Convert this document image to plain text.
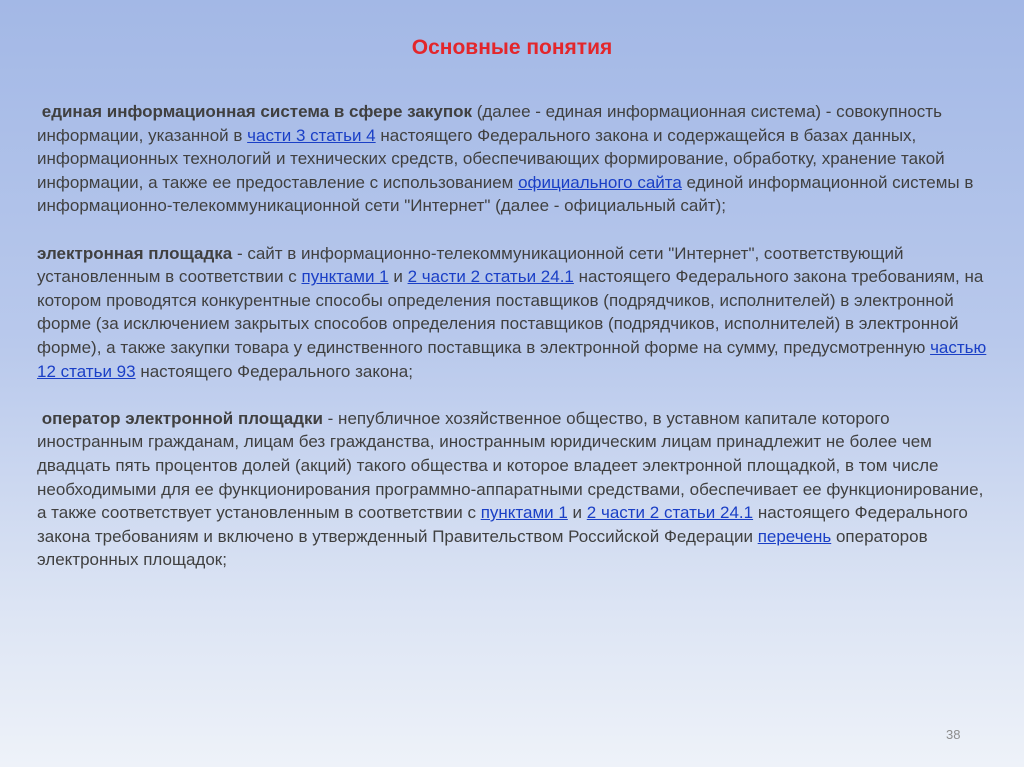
Основные понятия
единая информационная система в сфере закупок (далее - единая информационная система) - совокупность информации, указанной в части 3 статьи 4 настоящего Федерального закона и содержащейся в базах данных, информационных технологий и технических средств, обеспечивающих формирование, обработку, хранение такой информации, а также ее предоставление с использованием официального сайта единой информационной системы в информационно-телекоммуникационной сети "Интернет" (далее - официальный сайт);
электронная площадка - сайт в информационно-телекоммуникационной сети "Интернет", соответствующий установленным в соответствии с пунктами 1 и 2 части 2 статьи 24.1 настоящего Федерального закона требованиям, на котором проводятся конкурентные способы определения поставщиков (подрядчиков, исполнителей) в электронной форме (за исключением закрытых способов определения поставщиков (подрядчиков, исполнителей) в электронной форме), а также закупки товара у единственного поставщика в электронной форме на сумму, предусмотренную частью 12 статьи 93 настоящего Федерального закона;
оператор электронной площадки - непубличное хозяйственное общество, в уставном капитале которого иностранным гражданам, лицам без гражданства, иностранным юридическим лицам принадлежит не более чем двадцать пять процентов долей (акций) такого общества и которое владеет электронной площадкой, в том числе необходимыми для ее функционирования программно-аппаратными средствами, обеспечивает ее функционирование, а также соответствует установленным в соответствии с пунктами 1 и 2 части 2 статьи 24.1 настоящего Федерального закона требованиям и включено в утвержденный Правительством Российской Федерации перечень операторов электронных площадок;
38
